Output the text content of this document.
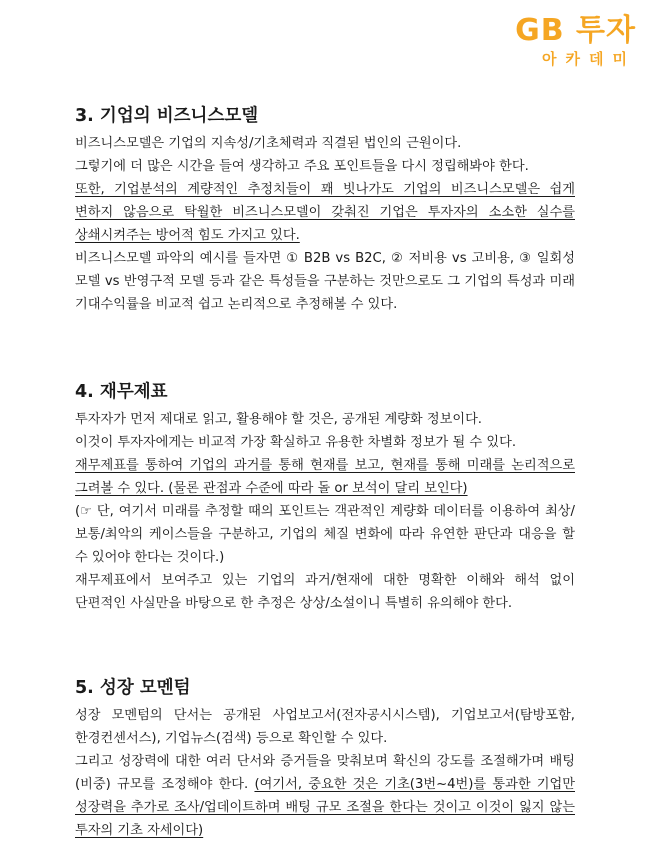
GB 투자
아카데미
3. 기업의 비즈니스모델
비즈니스모델은 기업의 지속성/기초체력과 직결된 법인의 근원이다.
그렇기에 더 많은 시간을 들여 생각하고 주요 포인트들을 다시 정립해봐야 한다.
또한, 기업분석의 계량적인 추정치들이 꽤 빗나가도 기업의 비즈니스모델은 쉽게 변하지 않음으로 탁월한 비즈니스모델이 갖춰진 기업은 투자자의 소소한 실수를 상쇄시켜주는 방어적 힘도 가지고 있다.
비즈니스모델 파악의 예시를 들자면 ① B2B vs B2C, ② 저비용 vs 고비용, ③ 일회성 모델 vs 반영구적 모델 등과 같은 특성들을 구분하는 것만으로도 그 기업의 특성과 미래 기대수익률을 비교적 쉽고 논리적으로 추정해볼 수 있다.
4. 재무제표
투자자가 먼저 제대로 읽고, 활용해야 할 것은, 공개된 계량화 정보이다.
이것이 투자자에게는 비교적 가장 확실하고 유용한 차별화 정보가 될 수 있다.
재무제표를 통하여 기업의 과거를 통해 현재를 보고, 현재를 통해 미래를 논리적으로 그려볼 수 있다. (물론 관점과 수준에 따라 돌 or 보석이 달리 보인다)
(☞ 단, 여기서 미래를 추정할 때의 포인트는 객관적인 계량화 데이터를 이용하여 최상/보통/최악의 케이스들을 구분하고, 기업의 체질 변화에 따라 유연한 판단과 대응을 할 수 있어야 한다는 것이다.)
재무제표에서 보여주고 있는 기업의 과거/현재에 대한 명확한 이해와 해석 없이 단편적인 사실만을 바탕으로 한 추정은 상상/소설이니 특별히 유의해야 한다.
5. 성장 모멘텀
성장 모멘텀의 단서는 공개된 사업보고서(전자공시시스템), 기업보고서(탐방포함, 한경컨센서스), 기업뉴스(검색) 등으로 확인할 수 있다.
그리고 성장력에 대한 여러 단서와 증거들을 맞춰보며 확신의 강도를 조절해가며 배팅(비중) 규모를 조정해야 한다. (여기서, 중요한 것은 기초(3번~4번)를 통과한 기업만 성장력을 추가로 조사/업데이트하며 배팅 규모 조절을 한다는 것이고 이것이 잃지 않는 투자의 기초 자세이다)
